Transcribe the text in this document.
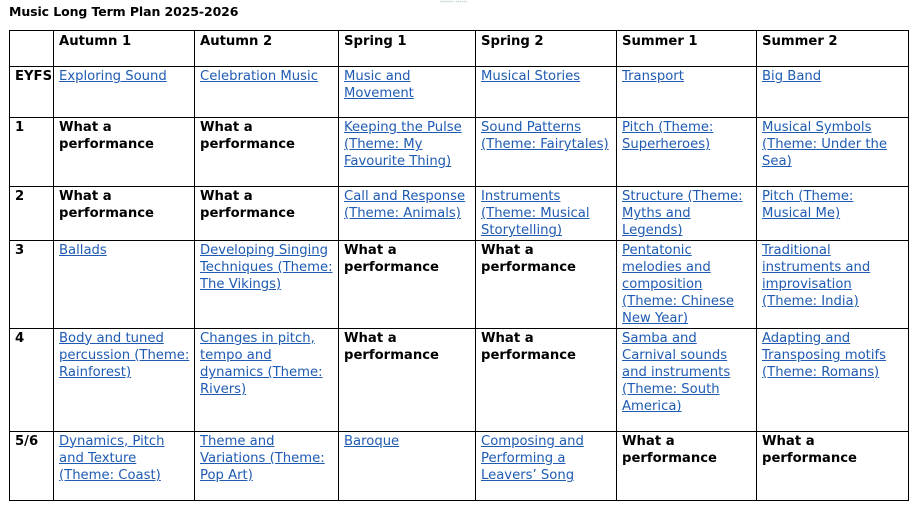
Music Long Term Plan 2025-2026
******* ******
	Autumn 1	Autumn 2	Spring 1	Spring 2	Summer 1	Summer 2
EYFS	Exploring Sound	Celebration Music	Music and Movement	Musical Stories	Transport	Big Band
1	What a performance	What a performance	Keeping the Pulse (Theme: My Favourite Thing)	Sound Patterns (Theme: Fairytales)	Pitch (Theme: Superheroes)	Musical Symbols (Theme: Under the Sea)
2	What a performance	What a performance	Call and Response (Theme: Animals)	Instruments (Theme: Musical Storytelling)	Structure (Theme: Myths and Legends)	Pitch (Theme: Musical Me)
3	Ballads	Developing Singing Techniques (Theme: The Vikings)	What a performance	What a performance	Pentatonic melodies and composition (Theme: Chinese New Year)	Traditional instruments and improvisation (Theme: India)
4	Body and tuned percussion (Theme: Rainforest)	Changes in pitch, tempo and dynamics (Theme: Rivers)	What a performance	What a performance	Samba and Carnival sounds and instruments (Theme: South America)	Adapting and Transposing motifs (Theme: Romans)
5/6	Dynamics, Pitch and Texture (Theme: Coast)	Theme and Variations (Theme: Pop Art)	Baroque	Composing and Performing a Leavers’ Song	What a performance	What a performance
